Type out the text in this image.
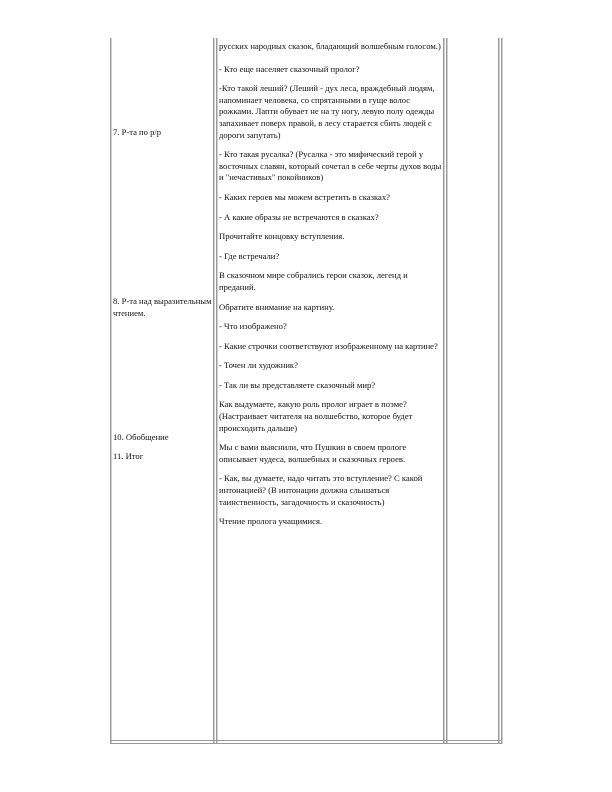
7. Р-та по р/р
8. Р-та над выразительным чтением.
10. Обобщение
11. Итог

русских народных сказок, бладающий волшебным голосом.)

- Кто еще населяет сказочный пролог?

-Кто такой леший? (Леший - дух леса, враждебный людям, напоминает человека, со спрятанными в гуще волос рожками. Лапти обувает не на ту ногу, левую полу одежды запахивает поверх правой, в лесу старается сбить людей с дороги запутать)

- Кто такая русалка? (Русалка - это мифический герой у восточных славян, который сочетал в себе черты духов воды и "нечастивых" покойников)

- Каких героев мы можем встретить в сказках?

- А какие образы не встречаются в сказках?

Прочитайте концовку вступления.

- Где встречали?

В сказочном мире собрались герои сказок, легенд и преданий.

Обратите внимание на картину.

- Что изображено?

- Какие строчки соответствуют изображенному на картине?

- Точен ли художник?

- Так ли вы представляете сказочный мир?

Как выдумаете, какую роль пролог играет в поэме? (Настраивает читателя на волшебство, которое будет происходить дальше)

Мы с вами выяснили, что Пушкин в своем прологе описывает чудеса, волшебных и сказочных героев.

- Как, вы думаете, надо читать это вступление? С какой интонацией? (В интонации должна слышаться таинственность, загадочность и сказочность)

Чтение пролога учащимися.
